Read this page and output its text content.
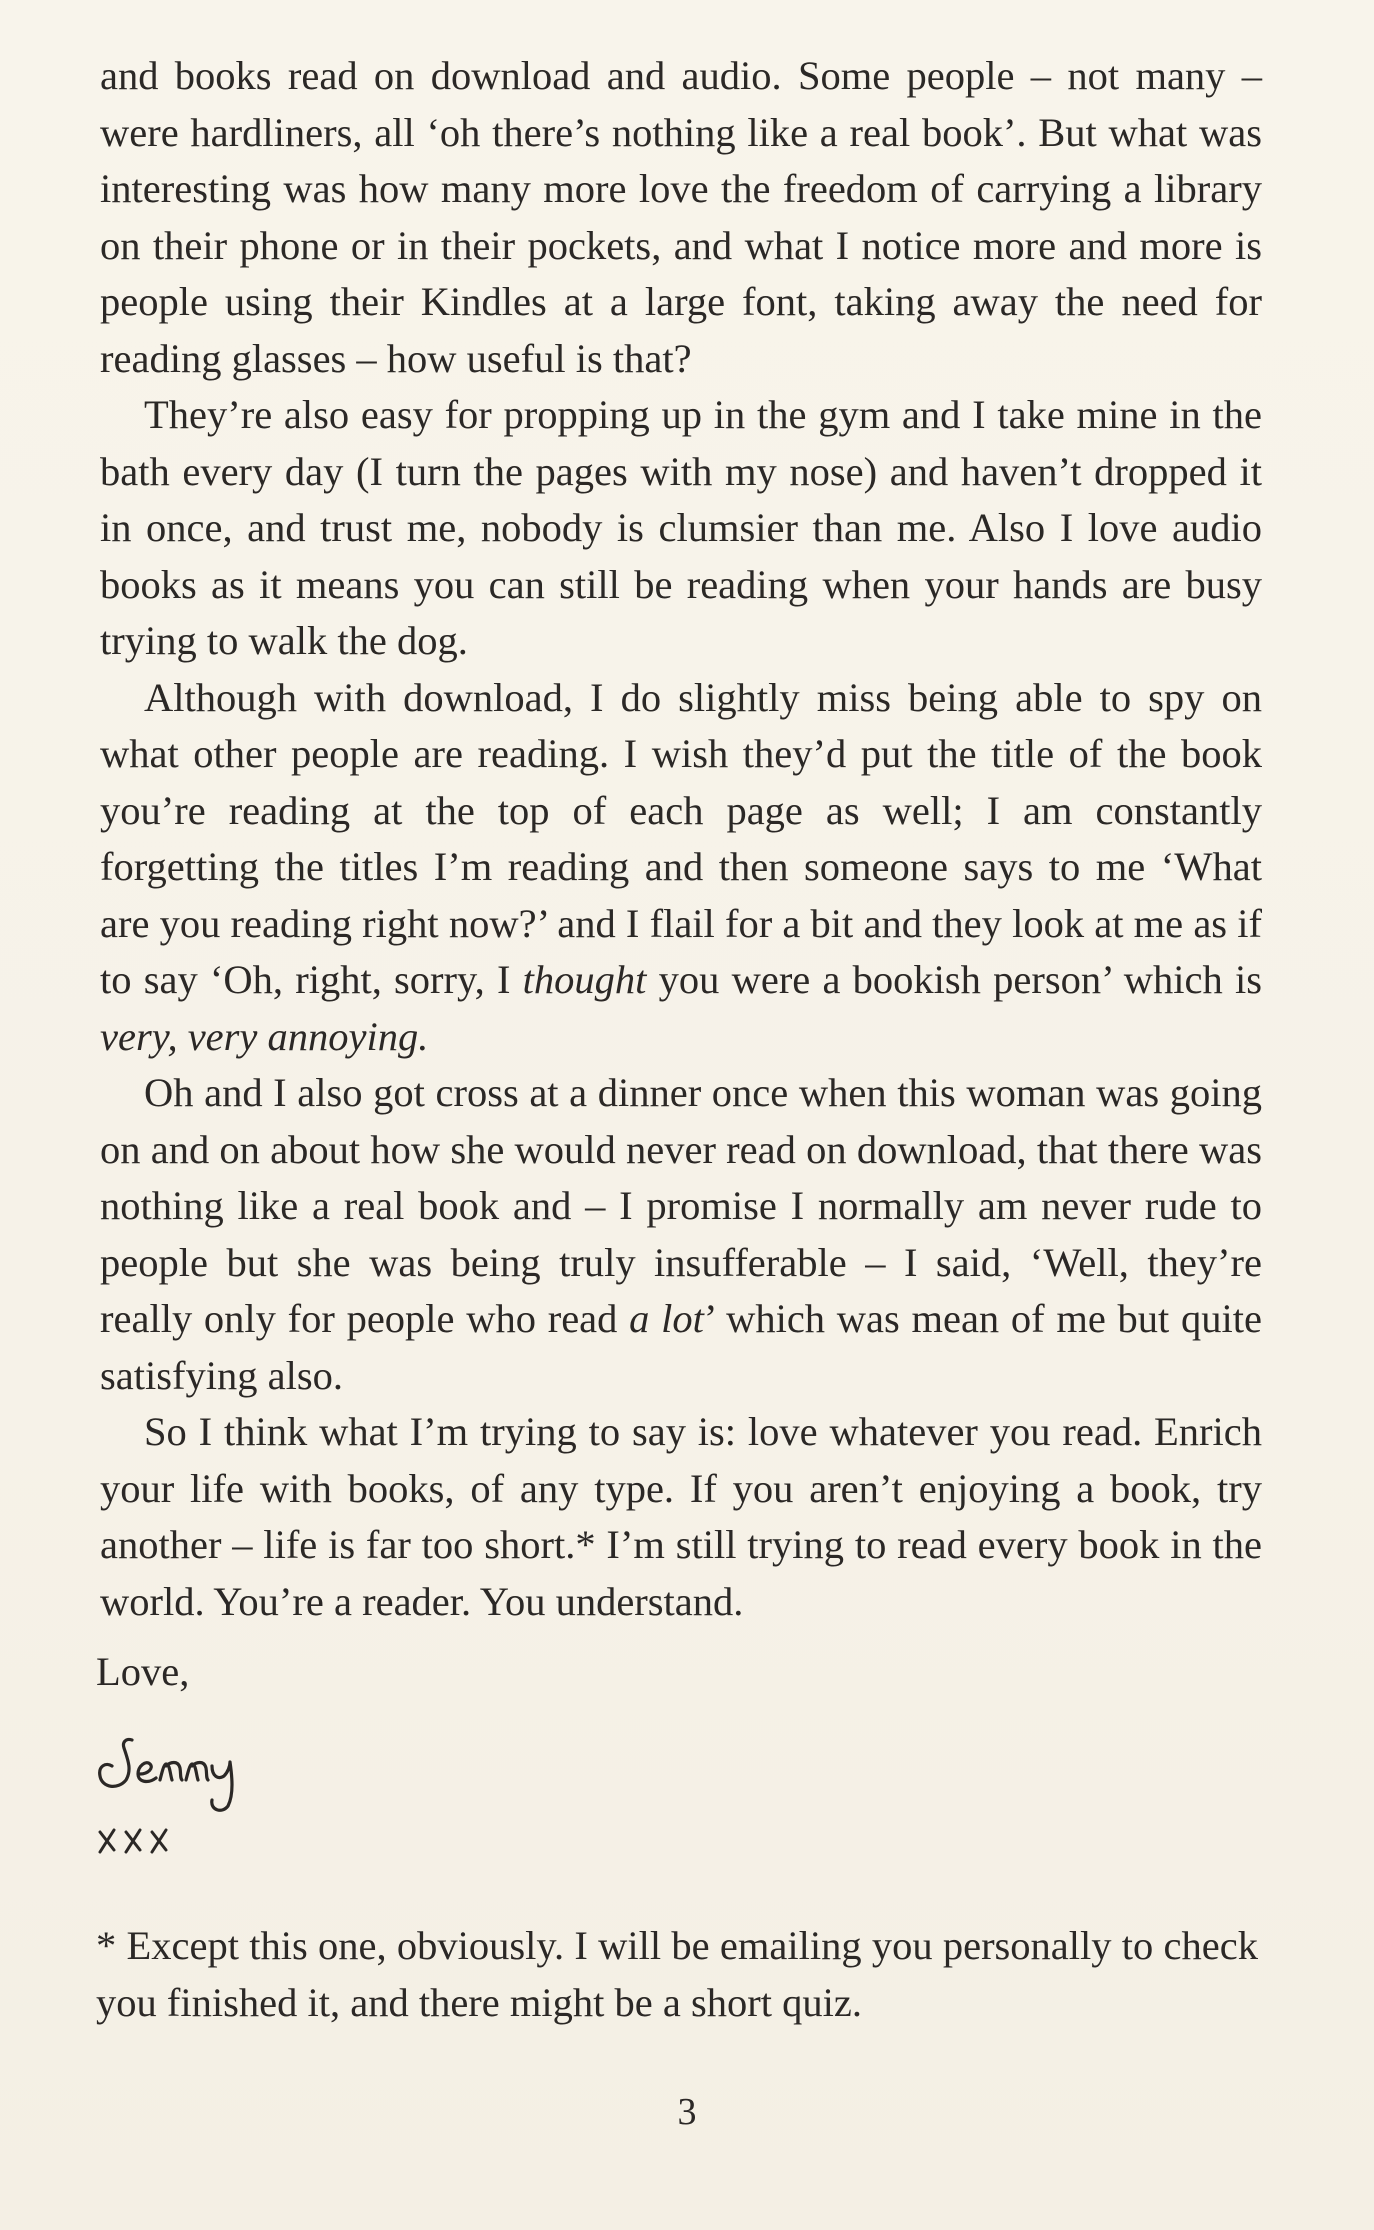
and books read on download and audio. Some people – not many – were hardliners, all ‘oh there’s nothing like a real book’. But what was interesting was how many more love the freedom of carrying a library on their phone or in their pockets, and what I notice more and more is people using their Kindles at a large font, taking away the need for reading glasses – how useful is that?

They’re also easy for propping up in the gym and I take mine in the bath every day (I turn the pages with my nose) and haven’t dropped it in once, and trust me, nobody is clumsier than me. Also I love audio books as it means you can still be reading when your hands are busy trying to walk the dog.

Although with download, I do slightly miss being able to spy on what other people are reading. I wish they’d put the title of the book you’re reading at the top of each page as well; I am constantly forgetting the titles I’m reading and then someone says to me ‘What are you reading right now?’ and I flail for a bit and they look at me as if to say ‘Oh, right, sorry, I thought you were a bookish person’ which is very, very annoying.

Oh and I also got cross at a dinner once when this woman was going on and on about how she would never read on download, that there was nothing like a real book and – I promise I normally am never rude to people but she was being truly insufferable – I said, ‘Well, they’re really only for people who read a lot’ which was mean of me but quite satisfying also.

So I think what I’m trying to say is: love whatever you read. Enrich your life with books, of any type. If you aren’t enjoying a book, try another – life is far too short.* I’m still trying to read every book in the world. You’re a reader. You understand.

Love,

* Except this one, obviously. I will be emailing you personally to check you finished it, and there might be a short quiz.

3
